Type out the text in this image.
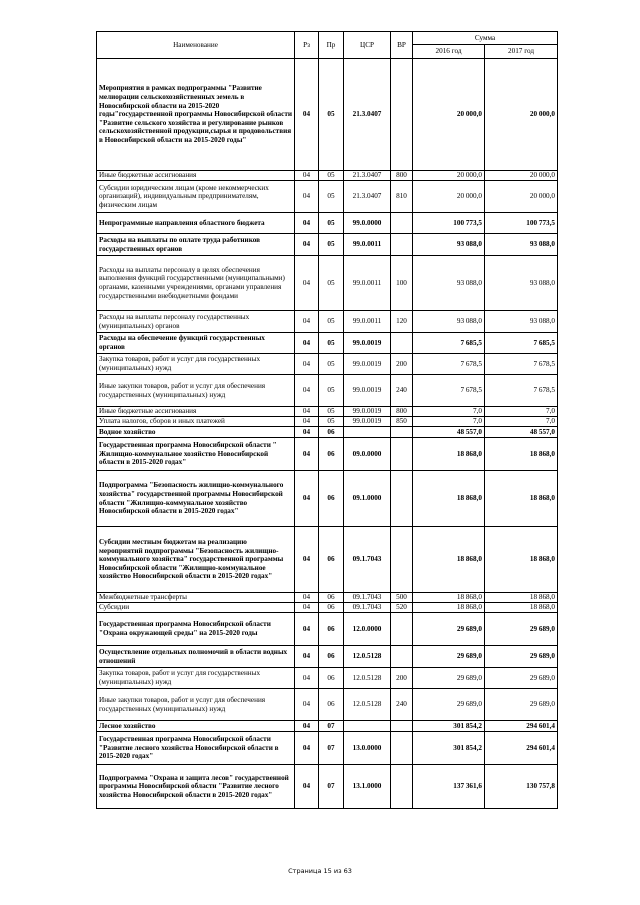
Наименование	Рз	Пр	ЦСР	ВР	Сумма	
					2016 год	2017 год
Мероприятия в рамках подпрограммы "Развитие мелиорации сельскохозяйственных земель в Новосибирской области на 2015-2020 годы"государственной программы Новосибирской области "Развитие сельского хозяйства и регулирование рынков сельскохозяйственной продукции,сырья и продовольствия в Новосибирской области на 2015-2020 годы"	04	05	21.3.0407		20 000,0	20 000,0
Иные бюджетные ассигнования	04	05	21.3.0407	800	20 000,0	20 000,0
Субсидии юридическим лицам (кроме некоммерческих организаций), индивидуальным предпринимателям, физическим лицам	04	05	21.3.0407	810	20 000,0	20 000,0
Непрограммные направления областного бюджета	04	05	99.0.0000		100 773,5	100 773,5
Расходы на выплаты по оплате труда работников государственных органов	04	05	99.0.0011		93 088,0	93 088,0
Расходы на выплаты персоналу в целях обеспечения выполнения функций государственными (муниципальными) органами, казенными учреждениями, органами управления государственными внебюджетными фондами	04	05	99.0.0011	100	93 088,0	93 088,0
Расходы на выплаты персоналу государственных (муниципальных) органов	04	05	99.0.0011	120	93 088,0	93 088,0
Расходы на обеспечение функций государственных органов	04	05	99.0.0019		7 685,5	7 685,5
Закупка товаров, работ и услуг для государственных (муниципальных) нужд	04	05	99.0.0019	200	7 678,5	7 678,5
Иные закупки товаров, работ и услуг для обеспечения государственных (муниципальных) нужд	04	05	99.0.0019	240	7 678,5	7 678,5
Иные бюджетные ассигнования	04	05	99.0.0019	800	7,0	7,0
Уплата налогов, сборов и иных платежей	04	05	99.0.0019	850	7,0	7,0
Водное хозяйство	04	06			48 557,0	48 557,0
Государственная программа Новосибирской области " Жилищно-коммунальное хозяйство Новосибирской области в 2015-2020 годах"	04	06	09.0.0000		18 868,0	18 868,0
Подпрограмма "Безопасность жилищно-коммунального хозяйства" государственной программы Новосибирской области "Жилищно-коммунальное хозяйство Новосибирской области в 2015-2020 годах"	04	06	09.1.0000		18 868,0	18 868,0
Субсидии местным бюджетам на реализацию мероприятий подпрограммы "Безопасность жилищно-коммунального хозяйства" государственной программы Новосибирской области "Жилищно-коммунальное хозяйство Новосибирской области в 2015-2020 годах"	04	06	09.1.7043		18 868,0	18 868,0
Межбюджетные трансферты	04	06	09.1.7043	500	18 868,0	18 868,0
Субсидии	04	06	09.1.7043	520	18 868,0	18 868,0
Государственная программа Новосибирской области "Охрана окружающей среды" на 2015-2020 годы	04	06	12.0.0000		29 689,0	29 689,0
Осуществление отдельных полномочий в области водных отношений	04	06	12.0.5128		29 689,0	29 689,0
Закупка товаров, работ и услуг для государственных (муниципальных) нужд	04	06	12.0.5128	200	29 689,0	29 689,0
Иные закупки товаров, работ и услуг для обеспечения государственных (муниципальных) нужд	04	06	12.0.5128	240	29 689,0	29 689,0
Лесное хозяйство	04	07			301 854,2	294 601,4
Государственная программа Новосибирской области "Развитие лесного хозяйства Новосибирской области в 2015-2020 годах"	04	07	13.0.0000		301 854,2	294 601,4
Подпрограмма "Охрана и защита лесов" государственной программы Новосибирской области "Развитие лесного хозяйства Новосибирской области в 2015-2020 годах"	04	07	13.1.0000		137 361,6	130 757,8
Страница 15 из 63
